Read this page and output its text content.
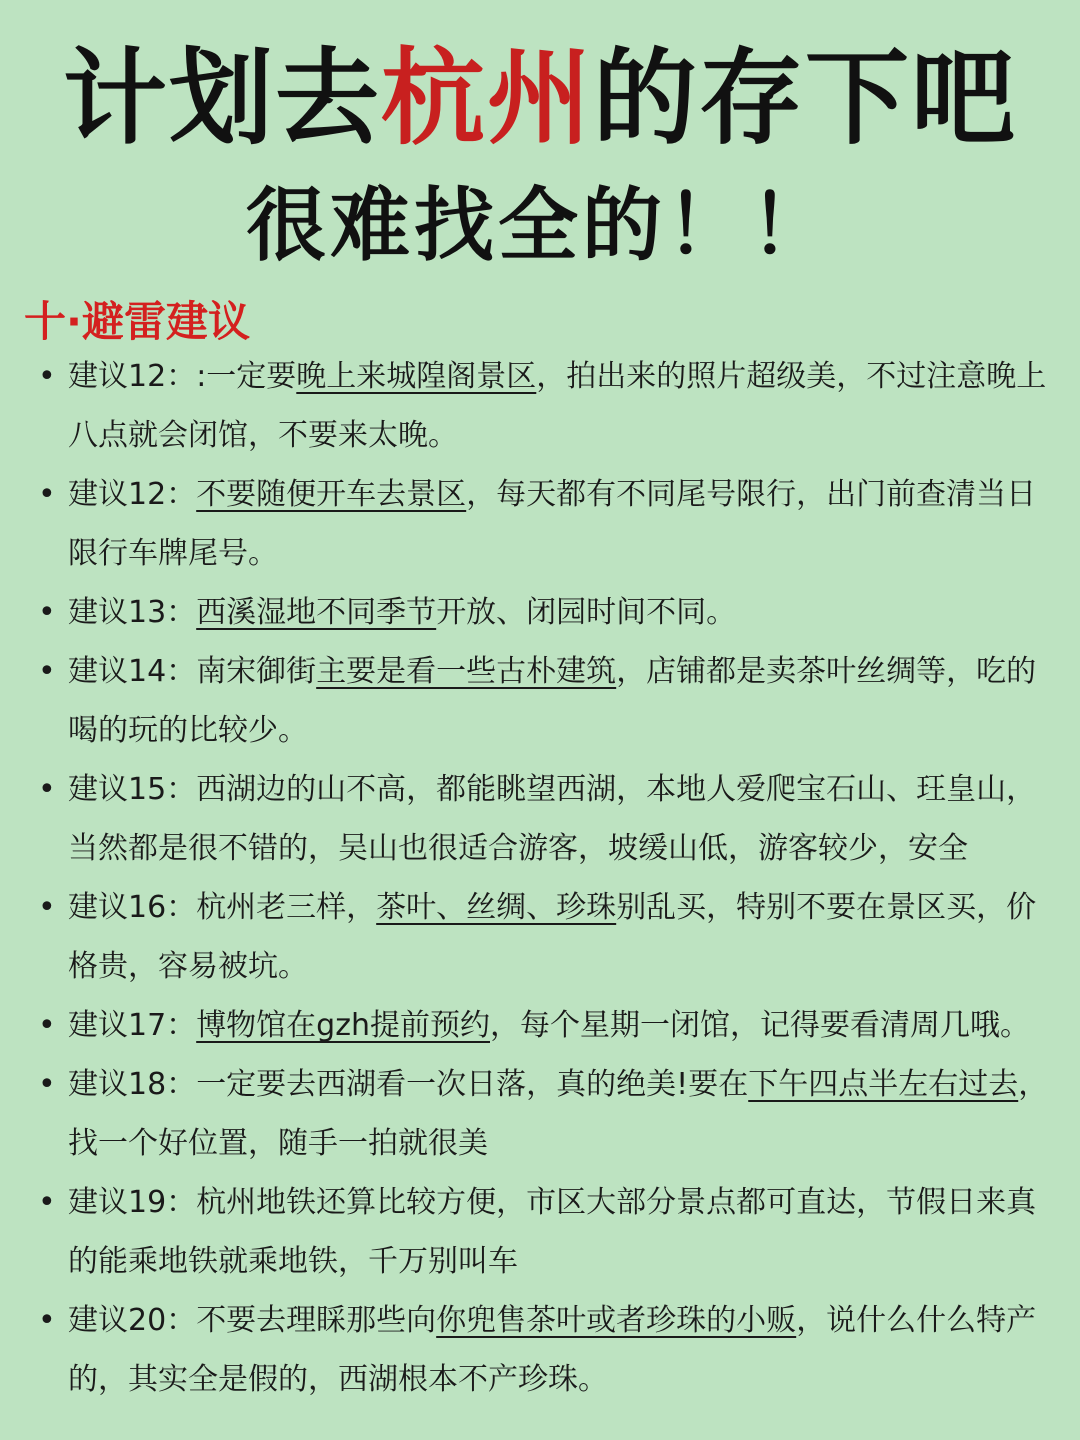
计划去杭州的存下吧
很难找全的！！
十·避雷建议
• 建议12：:一定要晚上来城隍阁景区，拍出来的照片超级美，不过注意晚上八点就会闭馆，不要来太晚。
• 建议12：不要随便开车去景区，每天都有不同尾号限行，出门前查清当日限行车牌尾号。
• 建议13：西溪湿地不同季节开放、闭园时间不同。
• 建议14：南宋御街主要是看一些古朴建筑，店铺都是卖茶叶丝绸等，吃的喝的玩的比较少。
• 建议15：西湖边的山不高，都能眺望西湖，本地人爱爬宝石山、玨皇山，当然都是很不错的，吴山也很适合游客，坡缓山低，游客较少，安全
• 建议16：杭州老三样，茶叶、丝绸、珍珠别乱买，特别不要在景区买，价格贵，容易被坑。
• 建议17：博物馆在gzh提前预约，每个星期一闭馆，记得要看清周几哦。
• 建议18：一定要去西湖看一次日落，真的绝美!要在下午四点半左右过去，找一个好位置，随手一拍就很美
• 建议19：杭州地铁还算比较方便，市区大部分景点都可直达，节假日来真的能乘地铁就乘地铁，千万别叫车
• 建议20：不要去理睬那些向你兜售茶叶或者珍珠的小贩，说什么什么特产的，其实全是假的，西湖根本不产珍珠。
